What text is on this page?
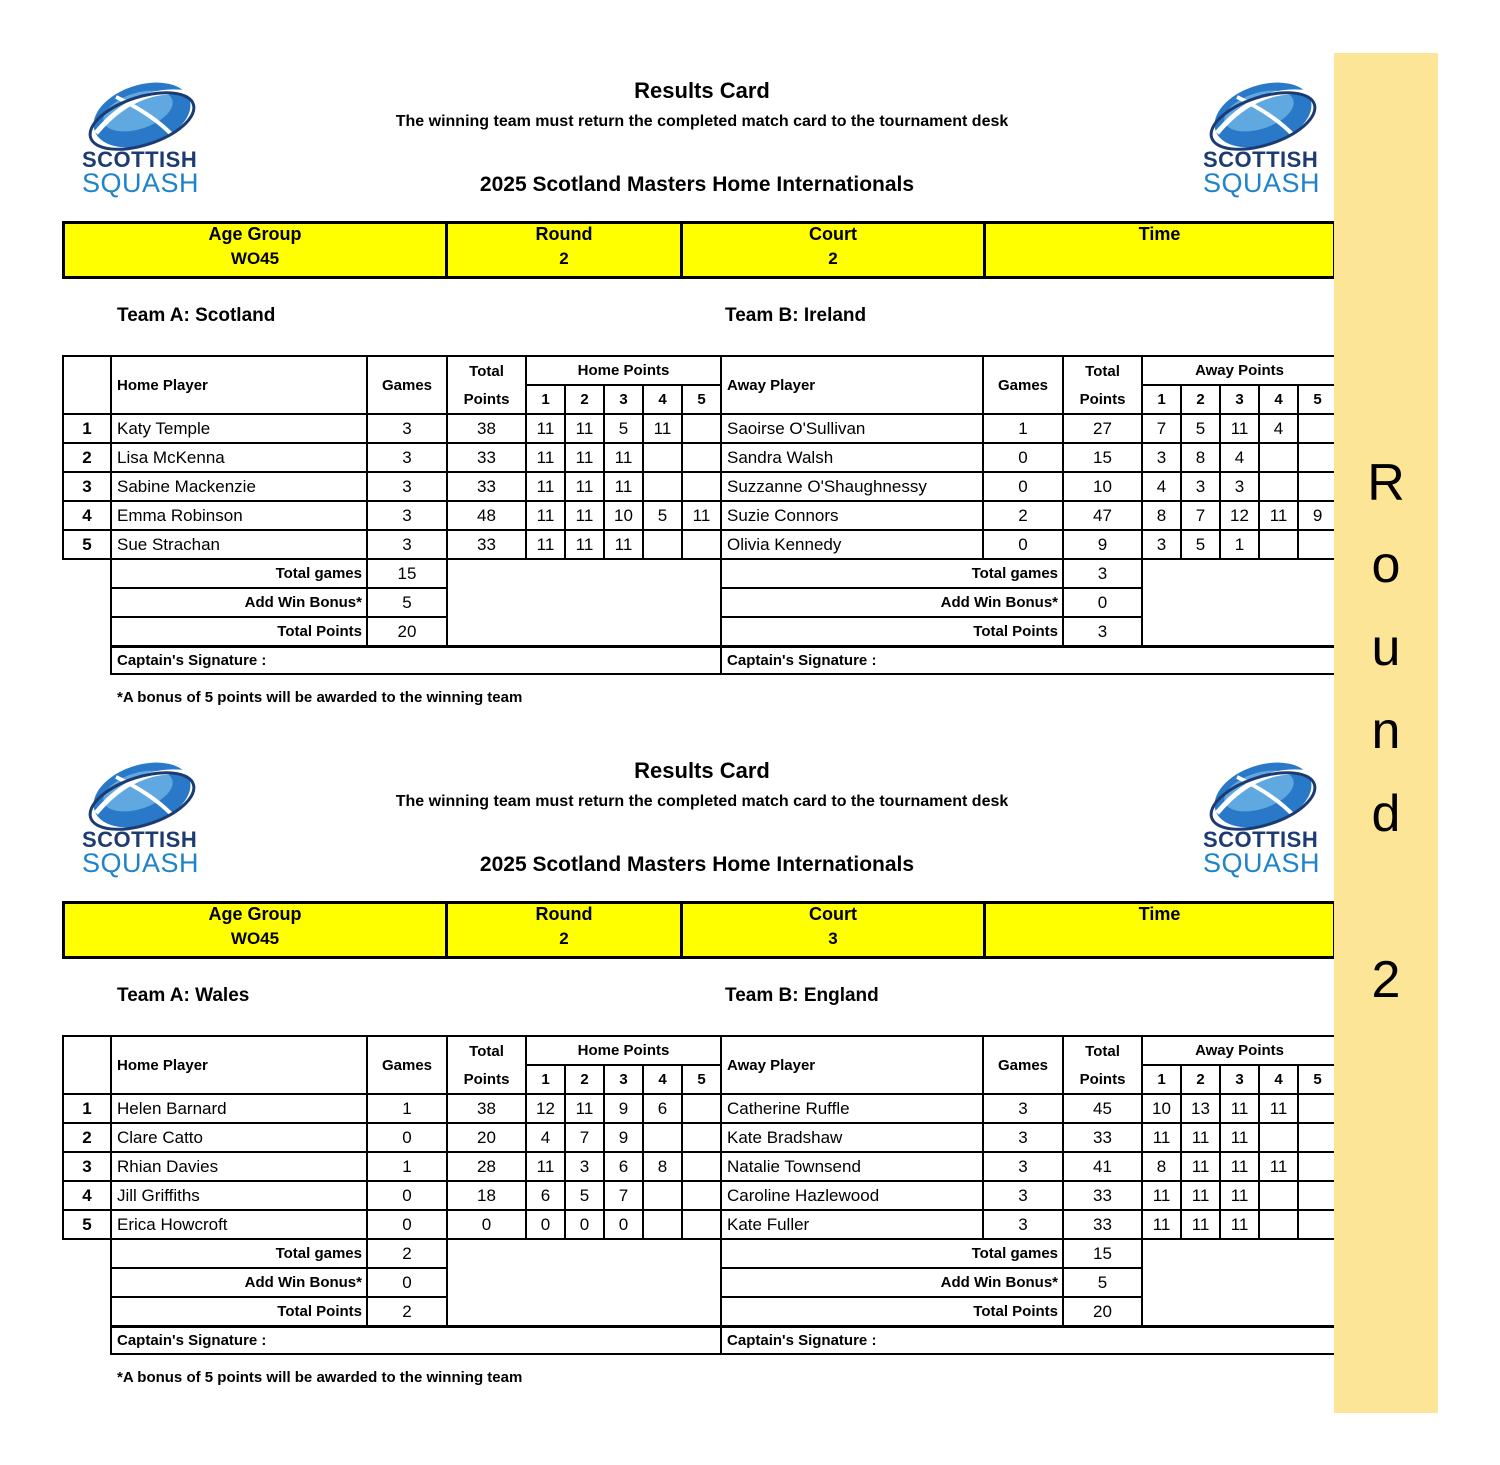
SCOTTISH
SQUASH
SCOTTISH
SQUASH
Results Card
The winning team must return the completed match card to the tournament desk
2025 Scotland Masters Home Internationals
Age Group
WO45
	Round
2
	Court
2
	Time
Team A: Scotland	Team B: Ireland
	Home Player	Games	Total	Home Points					Away Player	Games	Total	Away Points				
			Points	1	2	3	4	5			Points	1	2	3	4	5
1	Katy Temple	3	38	11	11	5	11		Saoirse O'Sullivan	1	27	7	5	11	4	
2	Lisa McKenna	3	33	11	11	11			Sandra Walsh	0	15	3	8	4		
3	Sabine Mackenzie	3	33	11	11	11			Suzzanne O'Shaughnessy	0	10	4	3	3		
4	Emma Robinson	3	48	11	11	10	5	11	Suzie Connors	2	47	8	7	12	11	9
5	Sue Strachan	3	33	11	11	11			Olivia Kennedy	0	9	3	5	1		
	Total games	15							Total games		3					
	Add Win Bonus*	5							Add Win Bonus*		0					
	Total Points	20							Total Points		3					
	Captain's Signature :								Captain's Signature :							
*A bonus of 5 points will be awarded to the winning team
SCOTTISH
SQUASH
SCOTTISH
SQUASH
Results Card
The winning team must return the completed match card to the tournament desk
2025 Scotland Masters Home Internationals
Age Group
WO45
	Round
2
	Court
3
	Time
Team A: Wales	Team B: England
	Home Player	Games	Total	Home Points					Away Player	Games	Total	Away Points				
			Points	1	2	3	4	5			Points	1	2	3	4	5
1	Helen Barnard	1	38	12	11	9	6		Catherine Ruffle	3	45	10	13	11	11	
2	Clare Catto	0	20	4	7	9			Kate Bradshaw	3	33	11	11	11		
3	Rhian Davies	1	28	11	3	6	8		Natalie Townsend	3	41	8	11	11	11	
4	Jill Griffiths	0	18	6	5	7			Caroline Hazlewood	3	33	11	11	11		
5	Erica Howcroft	0	0	0	0	0			Kate Fuller	3	33	11	11	11		
	Total games	2							Total games		15					
	Add Win Bonus*	0							Add Win Bonus*		5					
	Total Points	2							Total Points		20					
	Captain's Signature :								Captain's Signature :							
*A bonus of 5 points will be awarded to the winning team
R
o
u
n
d
2
